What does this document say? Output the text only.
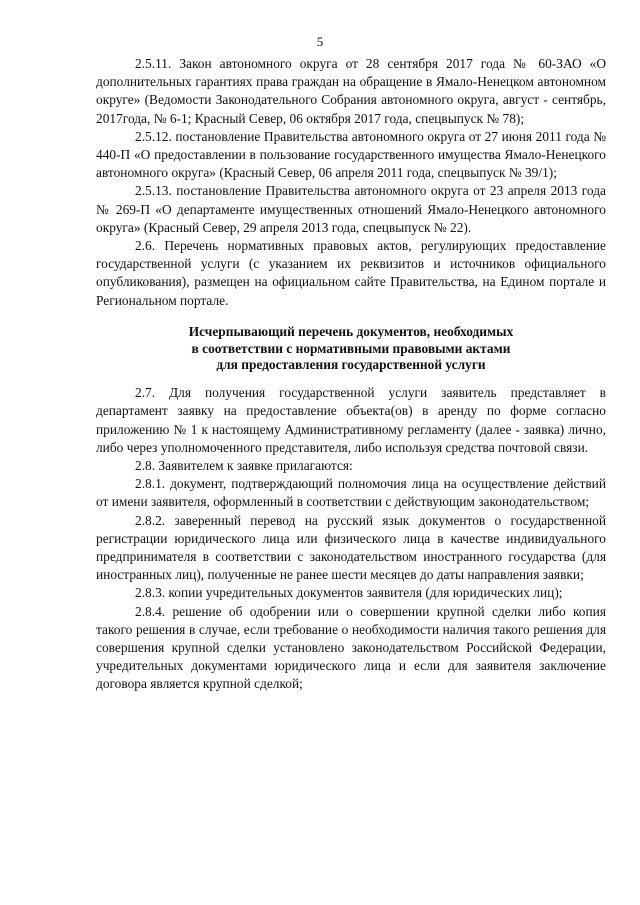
5

2.5.11. Закон автономного округа от 28 сентября 2017 года № 60-ЗАО «О дополнительных гарантиях права граждан на обращение в Ямало-Ненецком автономном округе» (Ведомости Законодательного Собрания автономного округа, август - сентябрь, 2017года, № 6-1; Красный Север, 06 октября 2017 года, спецвыпуск № 78);

2.5.12. постановление Правительства автономного округа от 27 июня 2011 года № 440-П «О предоставлении в пользование государственного имущества Ямало-Ненецкого автономного округа» (Красный Север, 06 апреля 2011 года, спецвыпуск № 39/1);

2.5.13. постановление Правительства автономного округа от 23 апреля 2013 года № 269-П «О департаменте имущественных отношений Ямало-Ненецкого автономного округа» (Красный Север, 29 апреля 2013 года, спецвыпуск № 22).

2.6. Перечень нормативных правовых актов, регулирующих предоставление государственной услуги (с указанием их реквизитов и источников официального опубликования), размещен на официальном сайте Правительства, на Едином портале и Региональном портале.

Исчерпывающий перечень документов, необходимых
в соответствии с нормативными правовыми актами
для предоставления государственной услуги

2.7. Для получения государственной услуги заявитель представляет в департамент заявку на предоставление объекта(ов) в аренду по форме согласно приложению № 1 к настоящему Административному регламенту (далее - заявка) лично, либо через уполномоченного представителя, либо используя средства почтовой связи.

2.8. Заявителем к заявке прилагаются:

2.8.1. документ, подтверждающий полномочия лица на осуществление действий от имени заявителя, оформленный в соответствии с действующим законодательством;

2.8.2. заверенный перевод на русский язык документов о государственной регистрации юридического лица или физического лица в качестве индивидуального предпринимателя в соответствии с законодательством иностранного государства (для иностранных лиц), полученные не ранее шести месяцев до даты направления заявки;

2.8.3. копии учредительных документов заявителя (для юридических лиц);

2.8.4. решение об одобрении или о совершении крупной сделки либо копия такого решения в случае, если требование о необходимости наличия такого решения для совершения крупной сделки установлено законодательством Российской Федерации, учредительных документами юридического лица и если для заявителя заключение договора является крупной сделкой;
